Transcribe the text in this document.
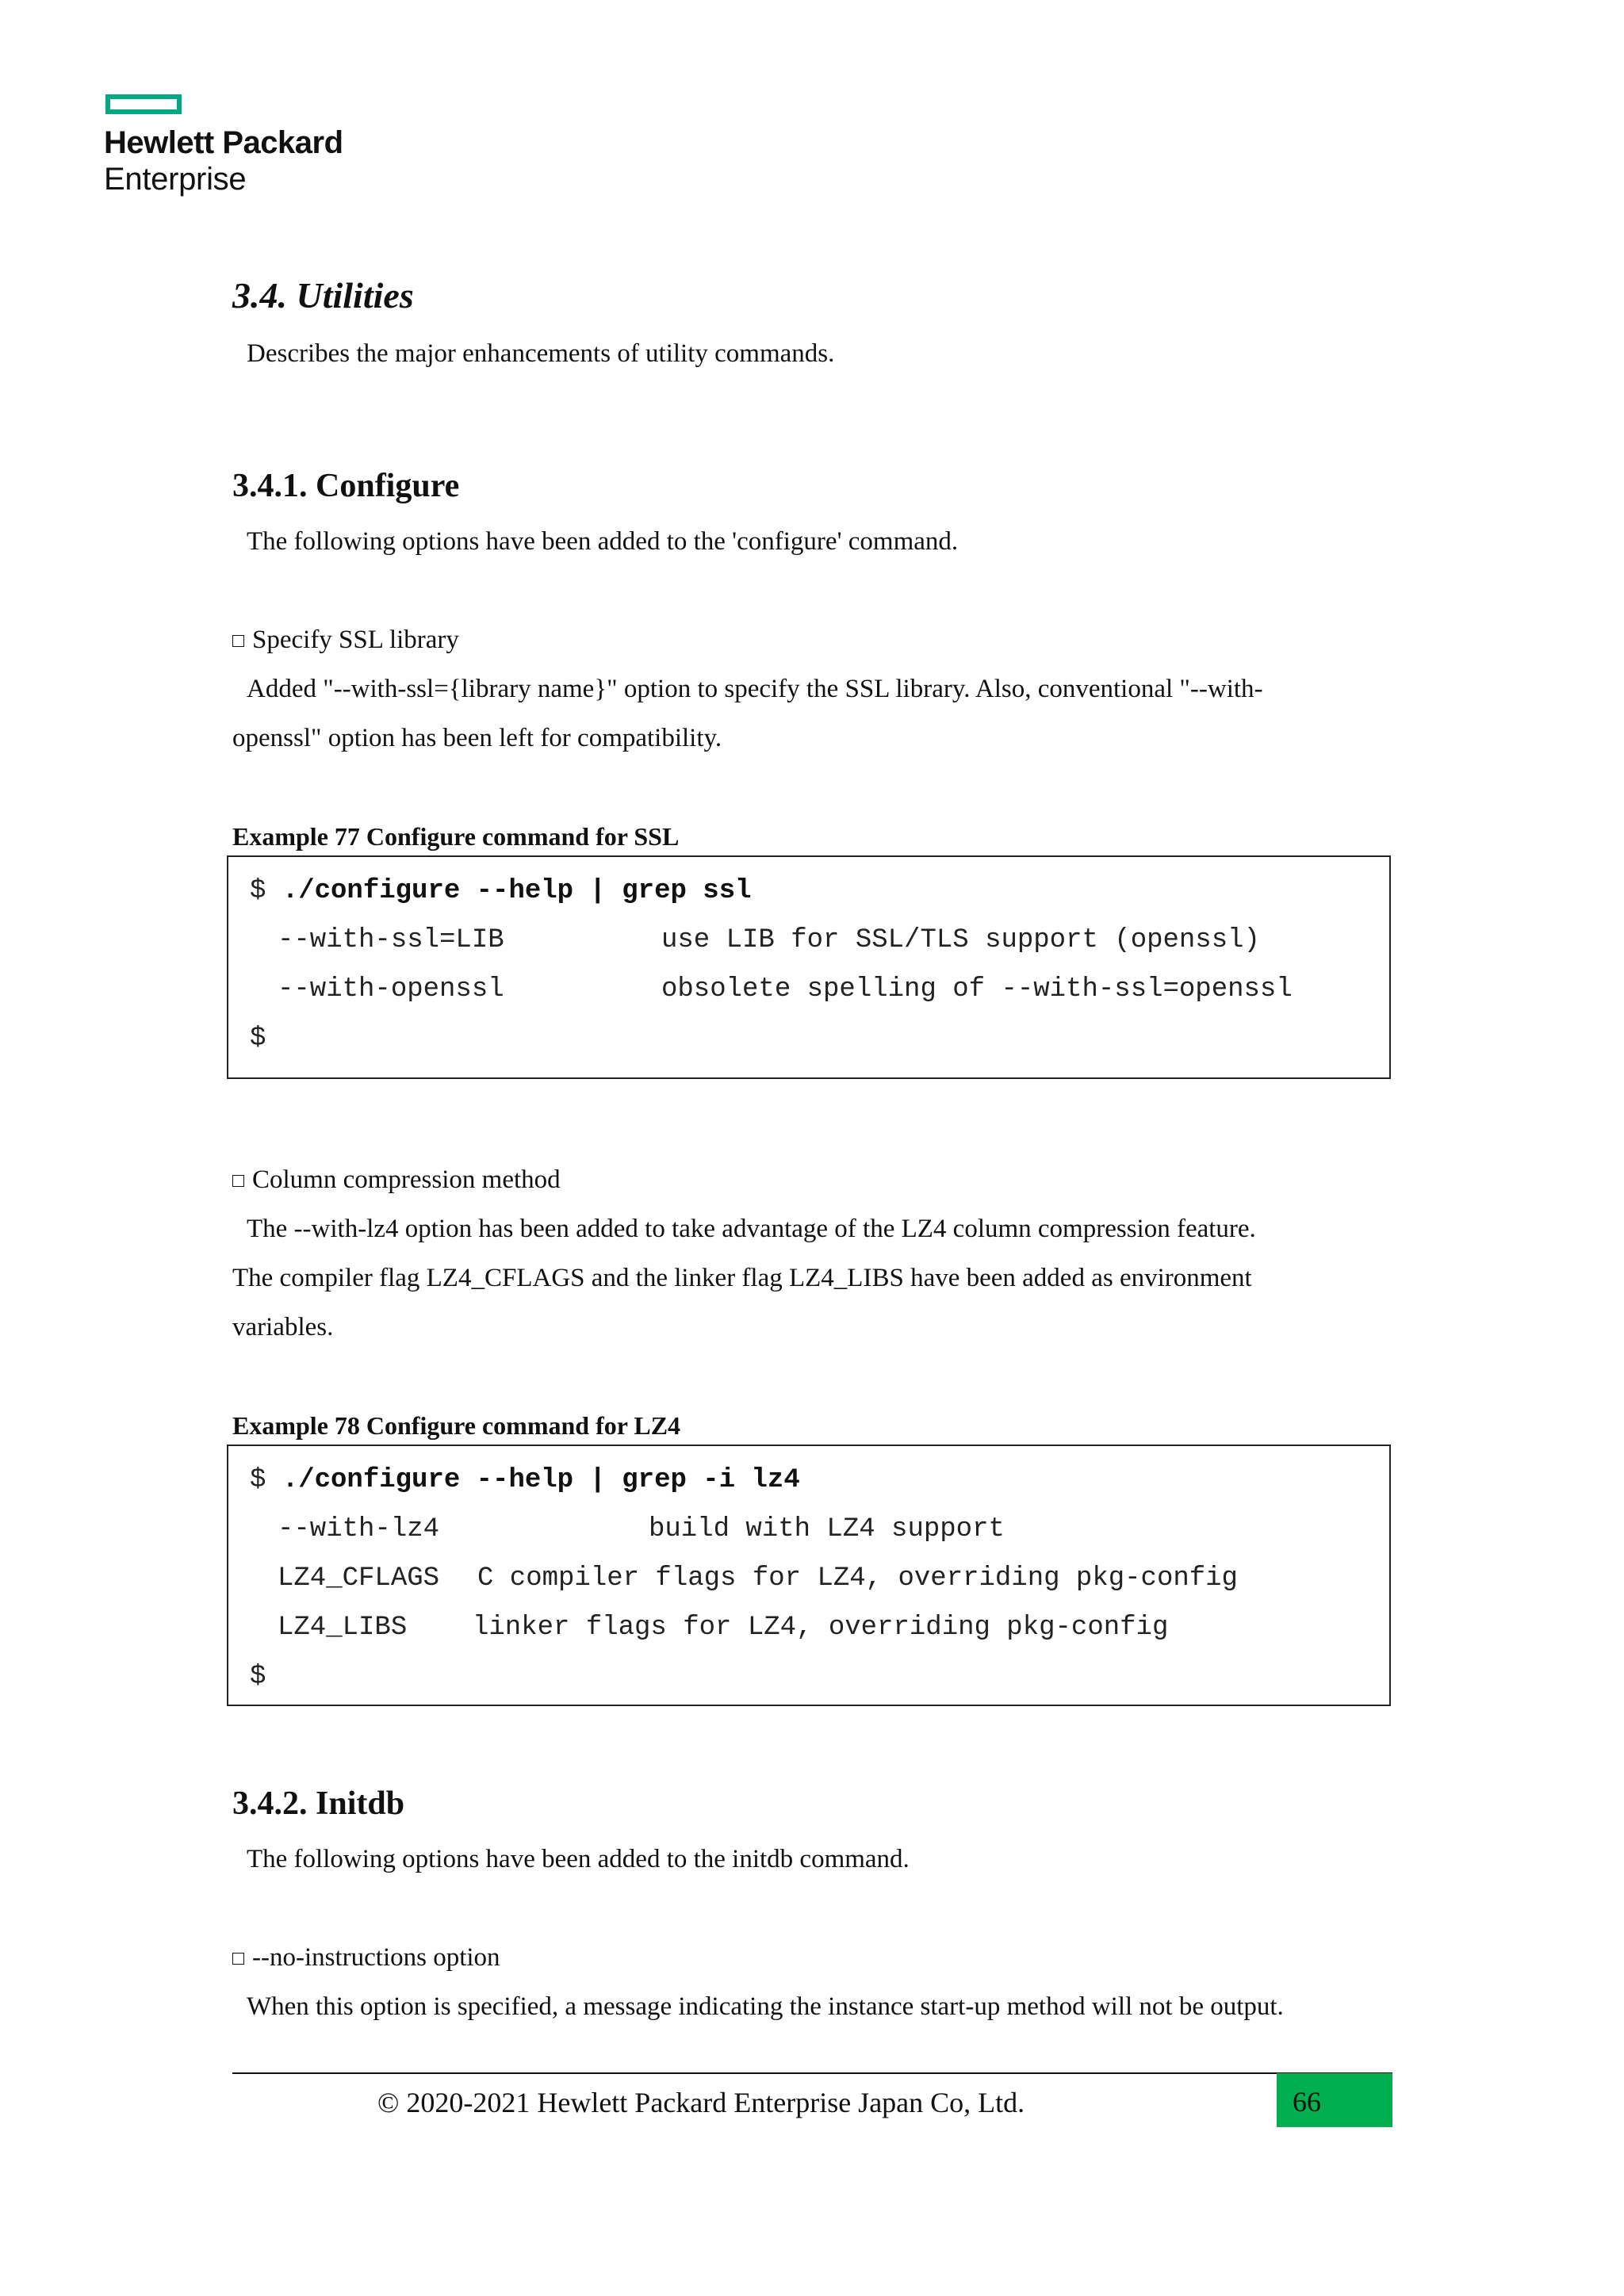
Hewlett Packard
Enterprise
3.4. Utilities
Describes the major enhancements of utility commands.
3.4.1. Configure
The following options have been added to the 'configure' command.
Specify SSL library
Added "--with-ssl={library name}" option to specify the SSL library. Also, conventional "--with-
openssl" option has been left for compatibility.
Example 77 Configure command for SSL
$ ./configure --help | grep ssl
--with-ssl=LIB	use LIB for SSL/TLS support (openssl)
--with-openssl	obsolete spelling of --with-ssl=openssl
$
Column compression method
The --with-lz4 option has been added to take advantage of the LZ4 column compression feature.
The compiler flag LZ4_CFLAGS and the linker flag LZ4_LIBS have been added as environment
variables.
Example 78 Configure command for LZ4
$ ./configure --help | grep -i lz4
--with-lz4	build with LZ4 support
LZ4_CFLAGS C compiler flags for LZ4, overriding pkg-config
LZ4_LIBS linker flags for LZ4, overriding pkg-config
$
3.4.2. Initdb
The following options have been added to the initdb command.
--no-instructions option
When this option is specified, a message indicating the instance start-up method will not be output.
© 2020-2021 Hewlett Packard Enterprise Japan Co, Ltd.	66
